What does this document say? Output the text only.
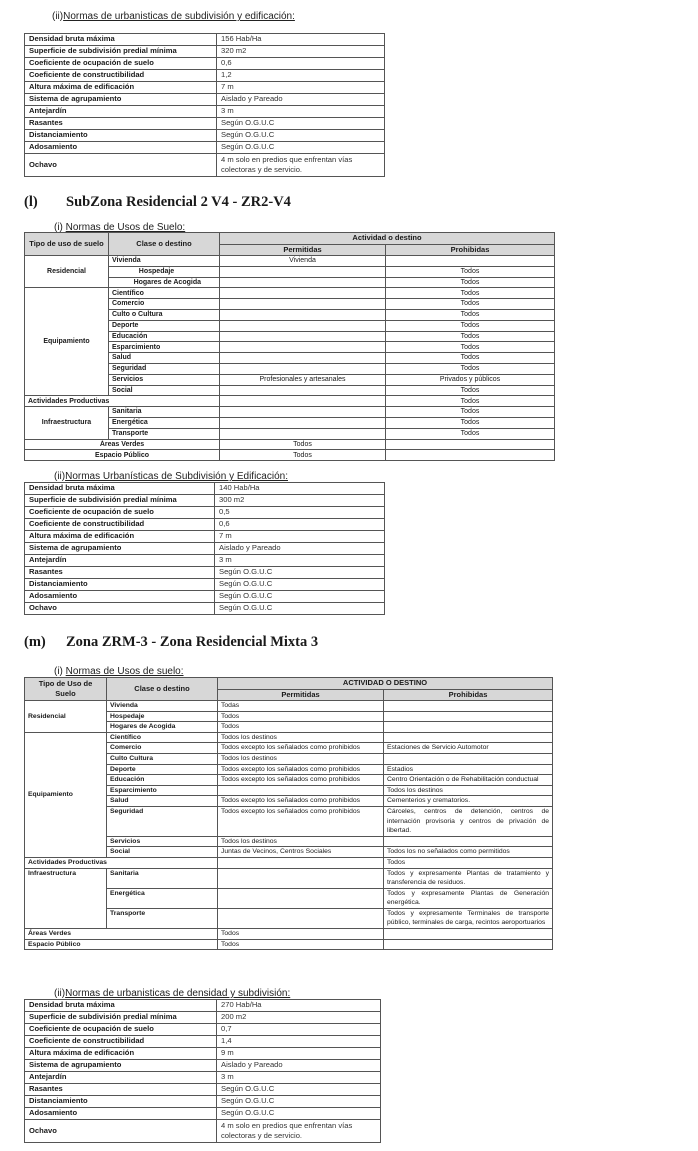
(ii)Normas de urbanisticas de subdivisión y edificación:
Densidad bruta máxima	156 Hab/Ha
Superficie de subdivisión predial mínima	320 m2
Coeficiente de ocupación de suelo	0,6
Coeficiente de constructibilidad	1,2
Altura máxima de edificación	7 m
Sistema de agrupamiento	Aislado y Pareado
Antejardín	3 m
Rasantes	Según O.G.U.C
Distanciamiento	Según O.G.U.C
Adosamiento	Según O.G.U.C
Ochavo	4 m solo en predios que enfrentan vías colectoras y de servicio.
(l) SubZona Residencial 2 V4 - ZR2-V4
(i) Normas de Usos de Suelo:
Tipo de uso de suelo	Clase o destino	Actividad o destino	
		Permitidas	Prohibidas
Residencial	Vivienda	Vivienda	
	Hospedaje		Todos
	Hogares de Acogida		Todos
Equipamiento	Científico		Todos
	Comercio		Todos
	Culto o Cultura		Todos
	Deporte		Todos
	Educación		Todos
	Esparcimiento		Todos
	Salud		Todos
	Seguridad		Todos
	Servicios	Profesionales y artesanales	Privados y públicos
	Social		Todos
Actividades Productivas			Todos
Infraestructura	Sanitaria		Todos
	Energética		Todos
	Transporte		Todos
Áreas Verdes		Todos	
Espacio Público		Todos	
(ii)Normas Urbanísticas de Subdivisión y Edificación:
Densidad bruta máxima	140 Hab/Ha
Superficie de subdivisión predial mínima	300 m2
Coeficiente de ocupación de suelo	0,5
Coeficiente de constructibilidad	0,6
Altura máxima de edificación	7 m
Sistema de agrupamiento	Aislado y Pareado
Antejardín	3 m
Rasantes	Según O.G.U.C
Distanciamiento	Según O.G.U.C
Adosamiento	Según O.G.U.C
Ochavo	Según O.G.U.C
(m) Zona ZRM-3 - Zona Residencial Mixta 3
(i) Normas de Usos de suelo:
Tipo de Uso de Suelo	Clase o destino	ACTIVIDAD O DESTINO	
		Permitidas	Prohibidas
Residencial	Vivienda	Todas	
	Hospedaje	Todos	
	Hogares de Acogida	Todos	
Equipamiento	Científico	Todos los destinos	
	Comercio	Todos excepto los señalados como prohibidos	Estaciones de Servicio Automotor
	Culto Cultura	Todos los destinos	
	Deporte	Todos excepto los señalados como prohibidos	Estadios
	Educación	Todos excepto los señalados como prohibidos	Centro Orientación o de Rehabilitación conductual
	Esparcimiento		Todos los destinos
	Salud	Todos excepto los señalados como prohibidos	Cementerios y crematorios.
	Seguridad	Todos excepto los señalados como prohibidos	Cárceles, centros de detención, centros de internación provisoria y centros de privación de libertad.
	Servicios	Todos los destinos	
	Social	Juntas de Vecinos, Centros Sociales	Todos los no señalados como permitidos
Actividades Productivas			Todos
Infraestructura	Sanitaria		Todos y expresamente Plantas de tratamiento y transferencia de residuos.
	Energética		Todos y expresamente Plantas de Generación energética.
	Transporte		Todos y expresamente Terminales de transporte público, terminales de carga, recintos aeroportuarios
Áreas Verdes		Todos	
Espacio Público		Todos	
(ii)Normas de urbanisticas de densidad y subdivisión:
Densidad bruta máxima	270 Hab/Ha
Superficie de subdivisión predial mínima	200 m2
Coeficiente de ocupación de suelo	0,7
Coeficiente de constructibilidad	1,4
Altura máxima de edificación	9 m
Sistema de agrupamiento	Aislado y Pareado
Antejardín	3 m
Rasantes	Según O.G.U.C
Distanciamiento	Según O.G.U.C
Adosamiento	Según O.G.U.C
Ochavo	4 m solo en predios que enfrentan vías colectoras y de servicio.
